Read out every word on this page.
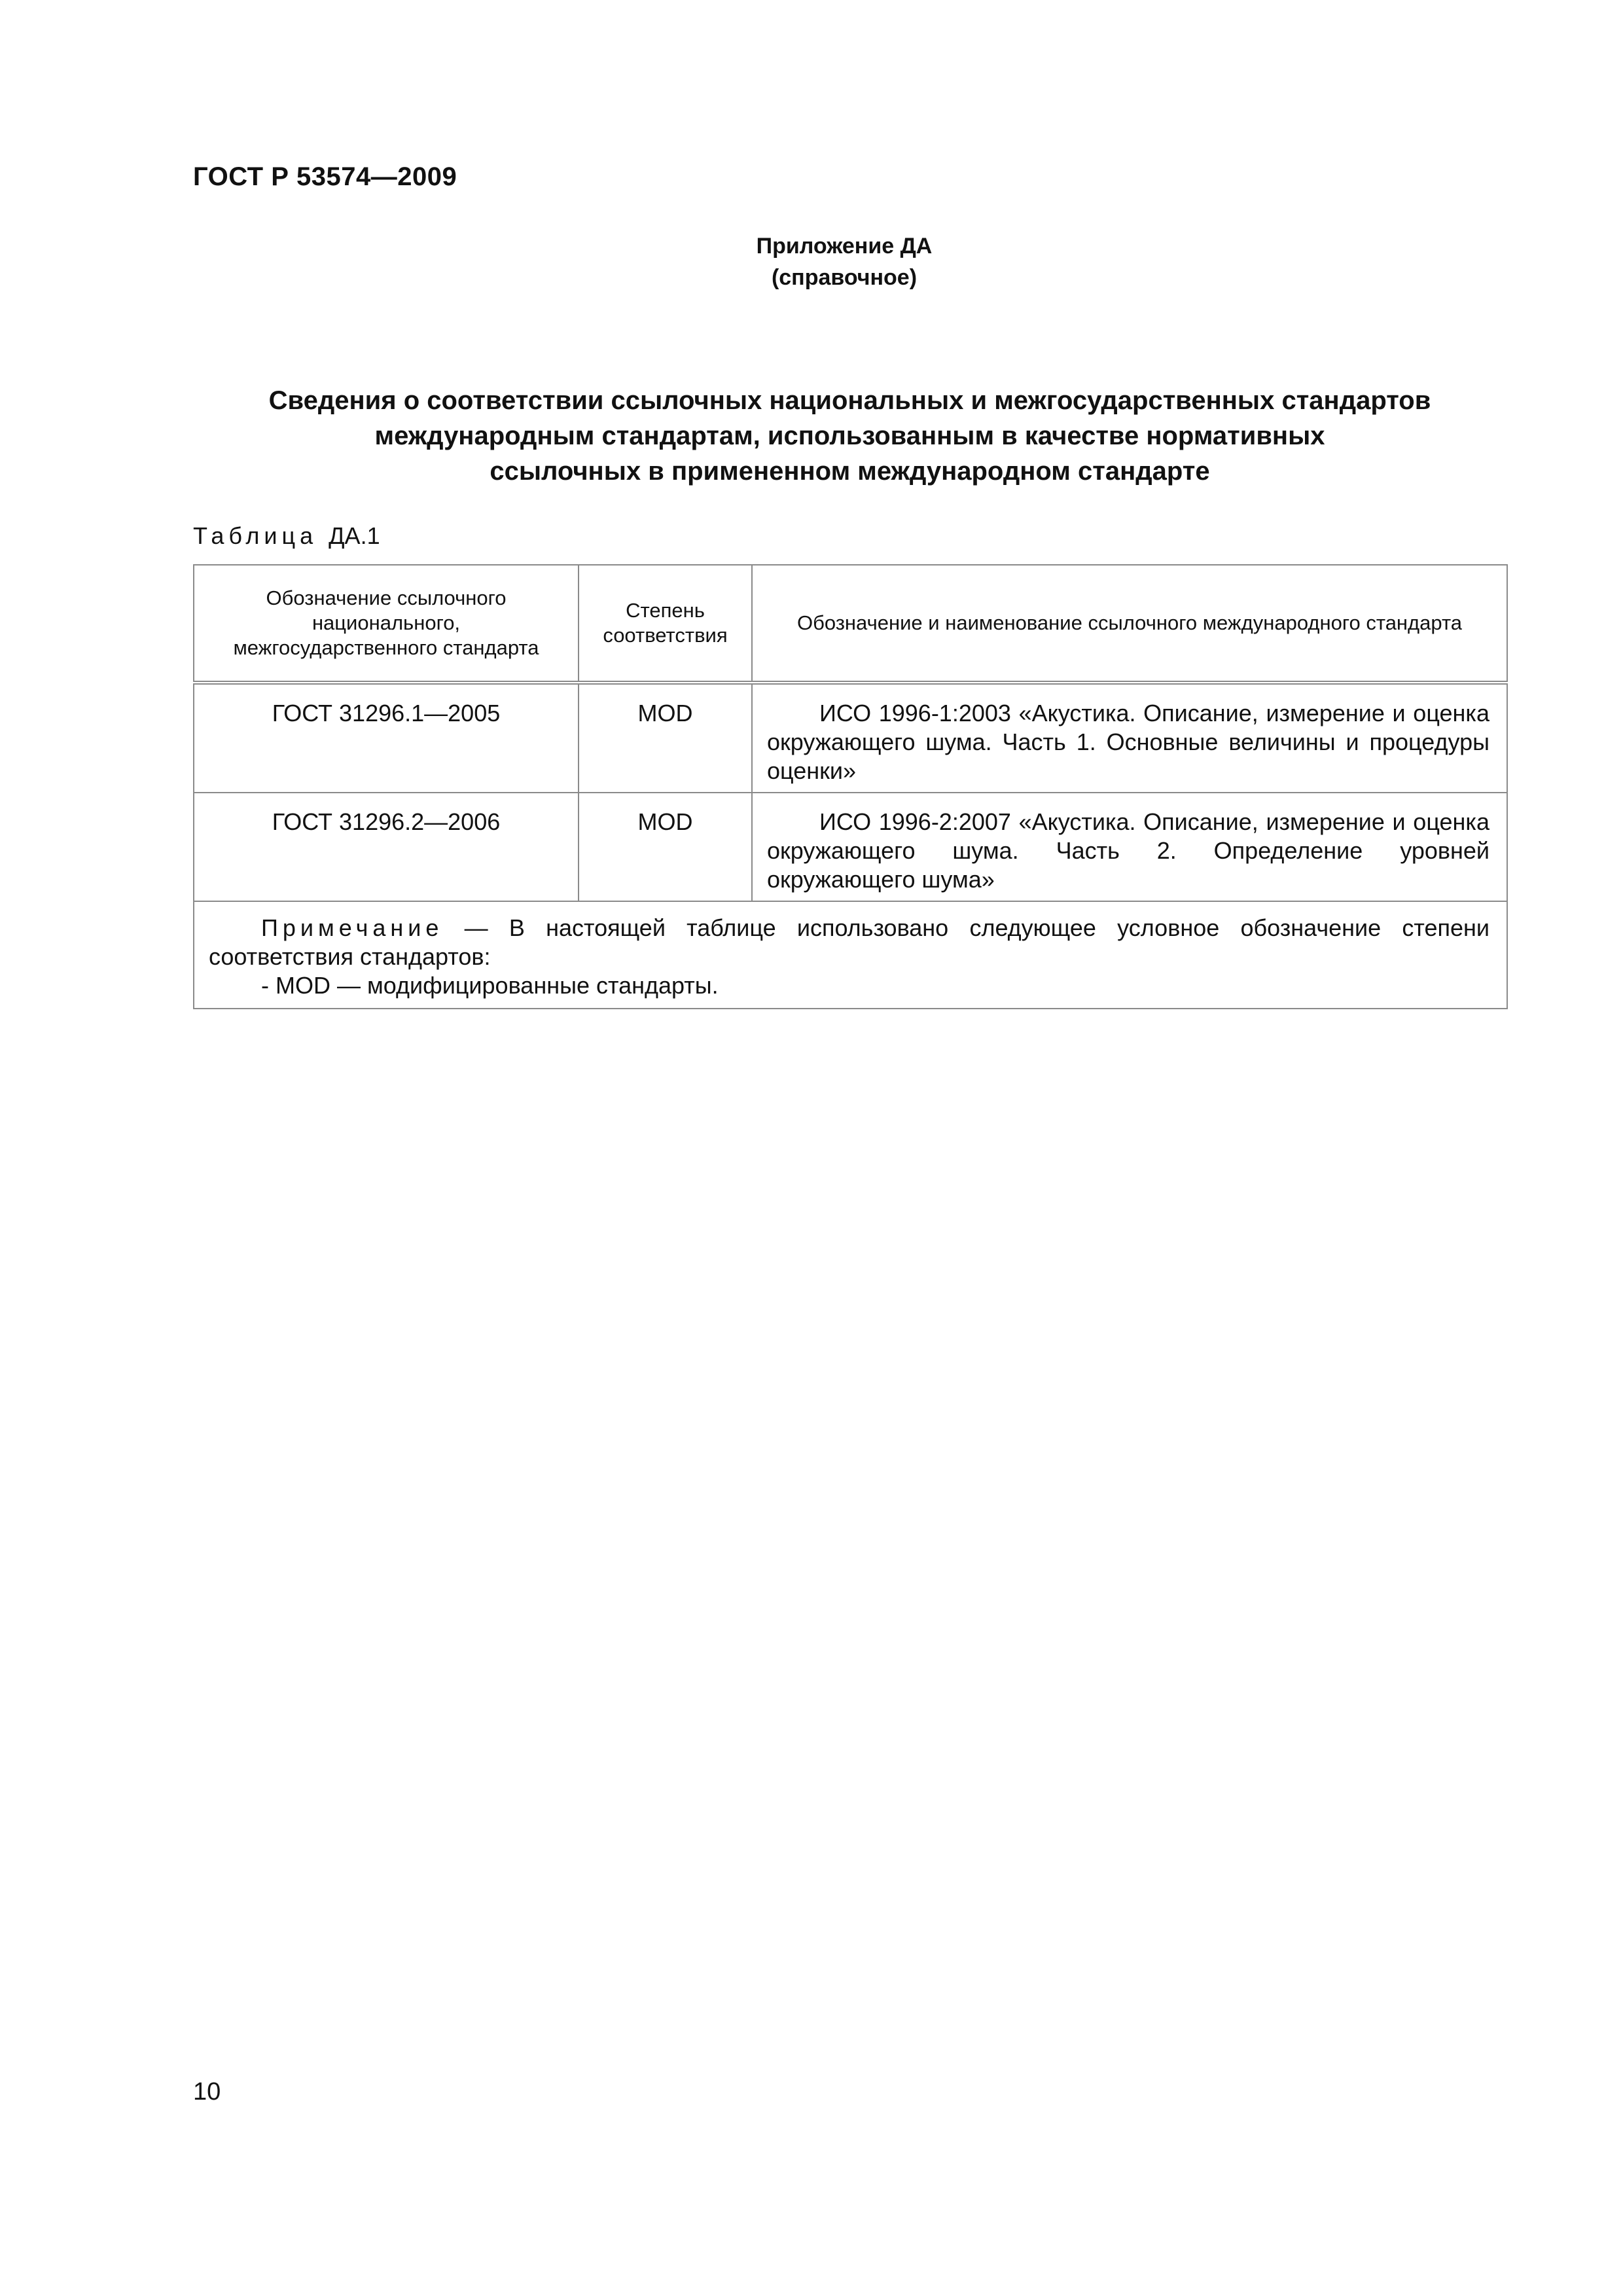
ГОСТ Р 53574—2009
Приложение ДА
(справочное)
Сведения о соответствии ссылочных национальных и межгосударственных стандартов
международным стандартам, использованным в качестве нормативных
ссылочных в примененном международном стандарте
Таблица ДА.1
Обозначение ссылочного национального, межгосударственного стандарта	Степень соответствия	Обозначение и наименование ссылочного международного стандарта
ГОСТ 31296.1—2005	MOD	ИСО 1996-1:2003 «Акустика. Описание, измерение и оценка окружающего шума. Часть 1. Основные величины и процедуры оценки»
ГОСТ 31296.2—2006	MOD	ИСО 1996-2:2007 «Акустика. Описание, измерение и оценка окружающего шума. Часть 2. Определение уровней окружающего шума»

Примечание — В настоящей таблице использовано следующее условное обозначение степени соответствия стандартов:
- MOD — модифицированные стандарты.		
10
